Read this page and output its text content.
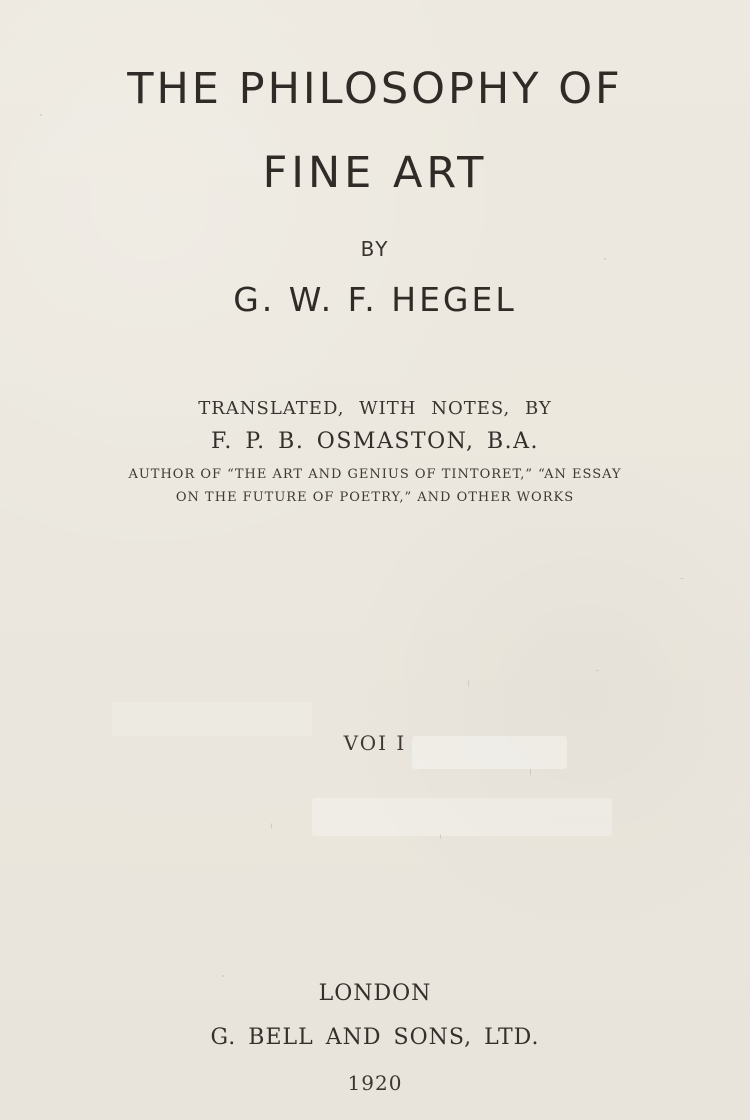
THE PHILOSOPHY OF
FINE ART
BY
G. W. F. HEGEL
TRANSLATED, WITH NOTES, BY
F. P. B. OSMASTON, B.A.
AUTHOR OF “THE ART AND GENIUS OF TINTORET,” “AN ESSAY
ON THE FUTURE OF POETRY,” AND OTHER WORKS
VOI I
LONDON
G. BELL AND SONS, LTD.
1920
